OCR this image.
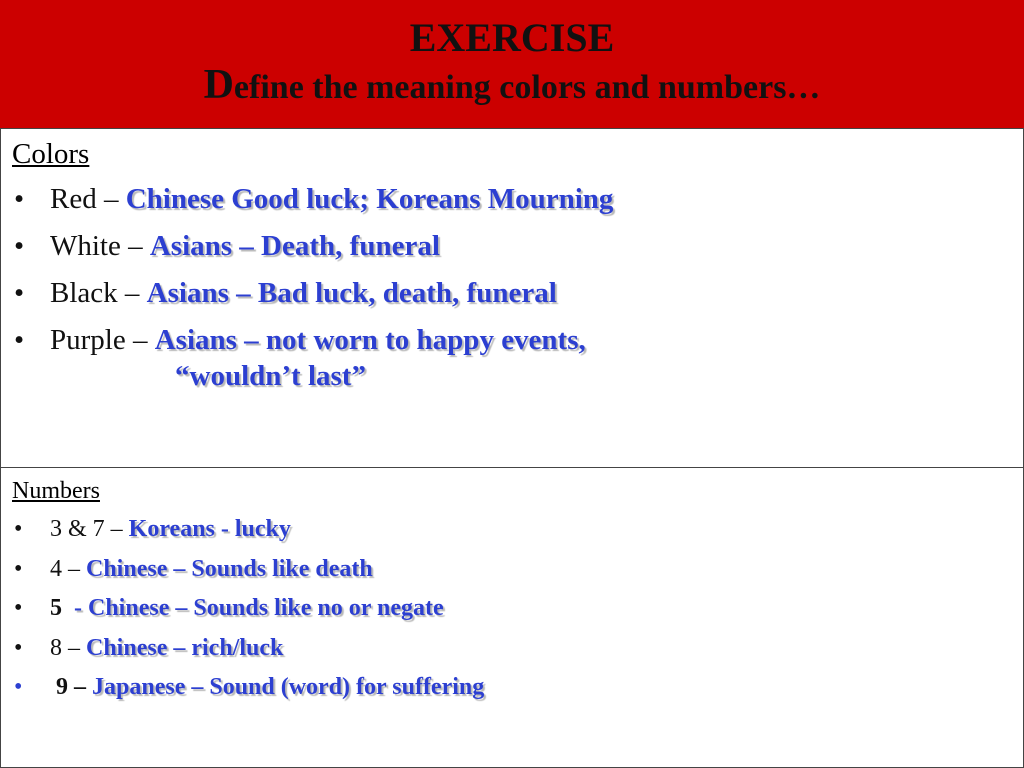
EXERCISE
Define the meaning colors and numbers…
Colors
• Red – Chinese Good luck; Koreans Mourning
• White – Asians – Death, funeral
• Black – Asians – Bad luck, death, funeral
• Purple – Asians – not worn to happy events,
“wouldn’t last”
Numbers
• 3 & 7 – Koreans - lucky
• 4 – Chinese – Sounds like death
• 5  - Chinese – Sounds like no or negate
• 8 – Chinese – rich/luck
• 9 – Japanese – Sound (word) for suffering
